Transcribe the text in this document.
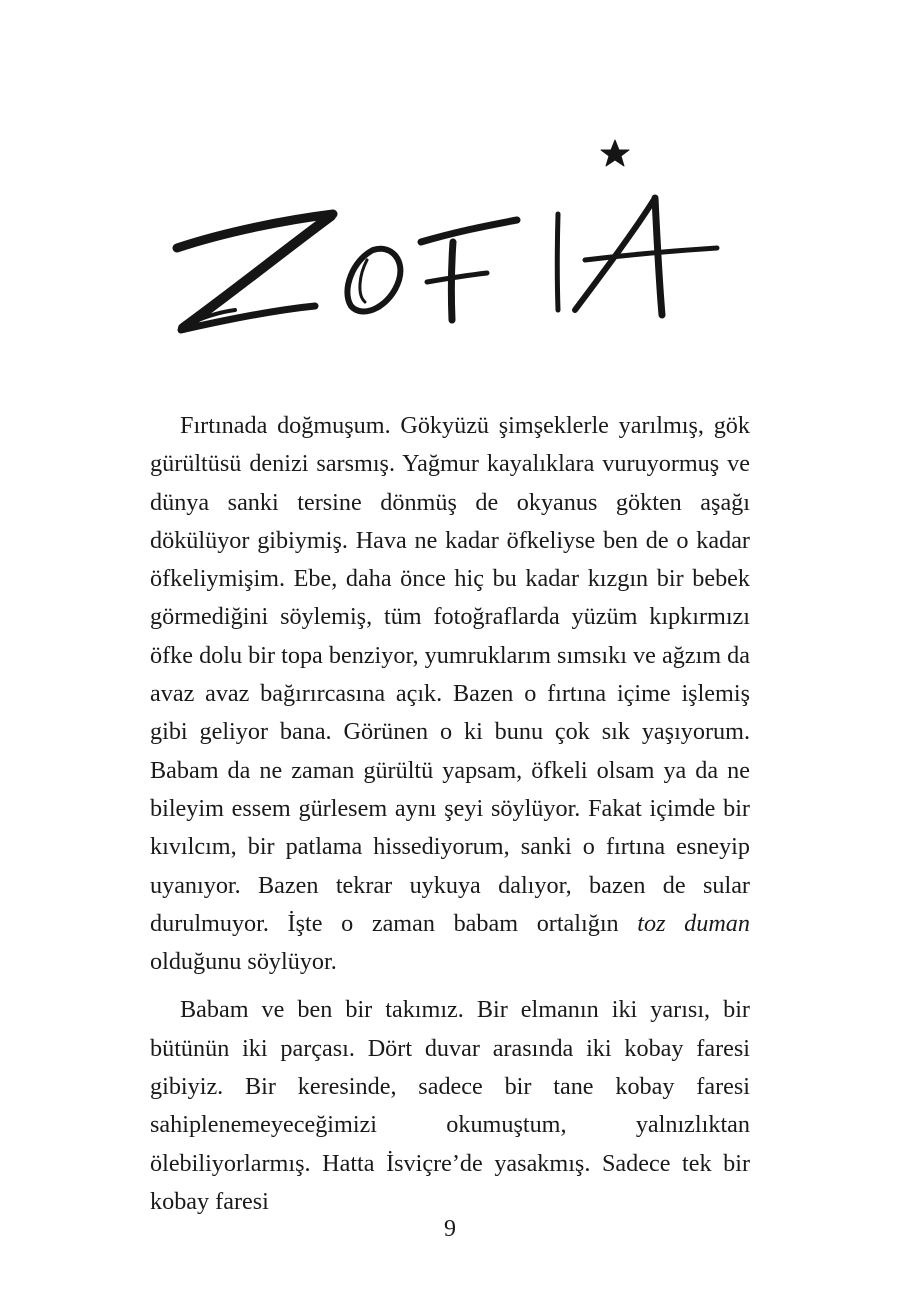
Fırtınada doğmuşum. Gökyüzü şimşeklerle yarılmış, gök gürültüsü denizi sarsmış. Yağmur kayalıklara vuruyormuş ve dünya sanki tersine dönmüş de okyanus gökten aşağı dökülüyor gibiymiş. Hava ne kadar öfkeliyse ben de o kadar öfkeliymişim. Ebe, daha önce hiç bu kadar kızgın bir bebek görmediğini söylemiş, tüm fotoğraflarda yüzüm kıpkırmızı öfke dolu bir topa benziyor, yumruklarım sımsıkı ve ağzım da avaz avaz bağırırcasına açık. Bazen o fırtına içime işlemiş gibi geliyor bana. Görünen o ki bunu çok sık yaşıyorum. Babam da ne zaman gürültü yapsam, öfkeli olsam ya da ne bileyim essem gürlesem aynı şeyi söylüyor. Fakat içimde bir kıvılcım, bir patlama hissediyorum, sanki o fırtına esneyip uyanıyor. Bazen tekrar uykuya dalıyor, bazen de sular durulmuyor. İşte o zaman babam ortalığın toz duman olduğunu söylüyor.

Babam ve ben bir takımız. Bir elmanın iki yarısı, bir bütünün iki parçası. Dört duvar arasında iki kobay faresi gibiyiz. Bir keresinde, sadece bir tane kobay faresi sahiplenemeyeceğimizi okumuştum, yalnızlıktan ölebiliyorlarmış. Hatta İsviçre’de yasakmış. Sadece tek bir kobay faresi

9
